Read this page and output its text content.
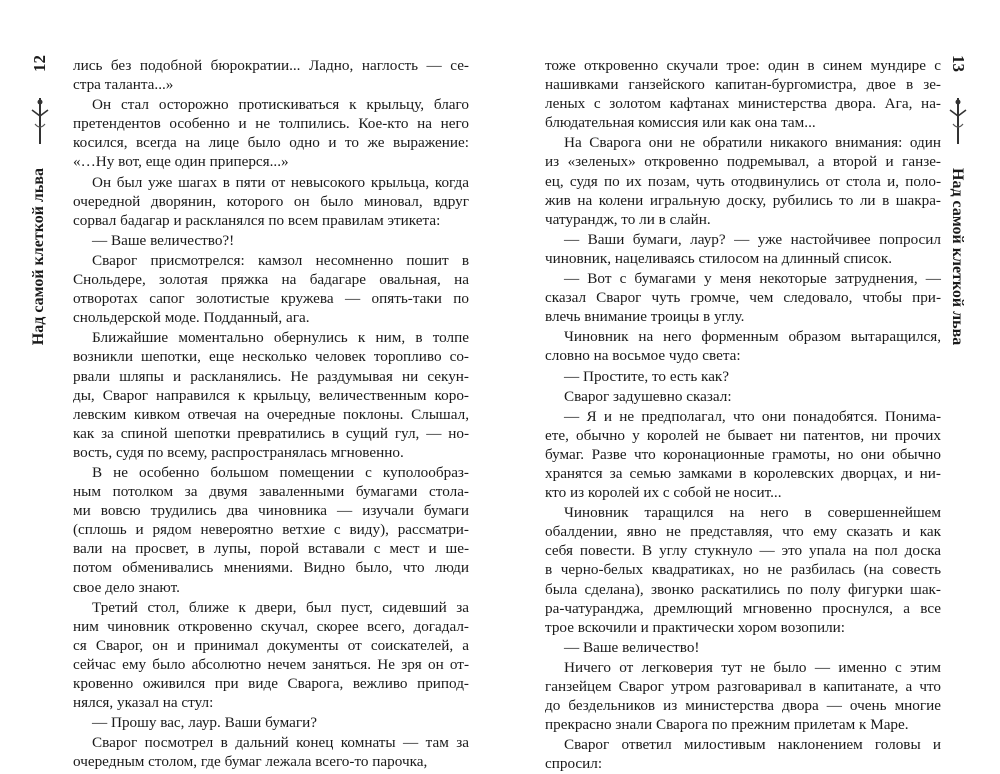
12
Над самой клеткой льва
лись без подобной бюрократии... Ладно, наглость — се-
стра таланта...»
Он стал осторожно протискиваться к крыльцу, благо
претендентов особенно и не толпились. Кое-кто на него
косился, всегда на лице было одно и то же выражение:
«…Ну вот, еще один приперся...»
Он был уже шагах в пяти от невысокого крыльца, когда
очередной дворянин, которого он было миновал, вдруг
сорвал бадагар и раскланялся по всем правилам этикета:
— Ваше величество?!
Сварог присмотрелся: камзол несомненно пошит в
Снольдере, золотая пряжка на бадагаре овальная, на
отворотах сапог золотистые кружева — опять-таки по
снольдерской моде. Подданный, ага.
Ближайшие моментально обернулись к ним, в толпе
возникли шепотки, еще несколько человек торопливо со-
рвали шляпы и раскланялись. Не раздумывая ни секун-
ды, Сварог направился к крыльцу, величественным коро-
левским кивком отвечая на очередные поклоны. Слышал,
как за спиной шепотки превратились в сущий гул, — но-
вость, судя по всему, распространялась мгновенно.
В не особенно большом помещении с куполообраз-
ным потолком за двумя заваленными бумагами стола-
ми вовсю трудились два чиновника — изучали бумаги
(сплошь и рядом невероятно ветхие с виду), рассматри-
вали на просвет, в лупы, порой вставали с мест и ше-
потом обменивались мнениями. Видно было, что люди
свое дело знают.
Третий стол, ближе к двери, был пуст, сидевший за
ним чиновник откровенно скучал, скорее всего, догадал-
ся Сварог, он и принимал документы от соискателей, а
сейчас ему было абсолютно нечем заняться. Не зря он от-
кровенно оживился при виде Сварога, вежливо припод-
нялся, указал на стул:
— Прошу вас, лаур. Ваши бумаги?
Сварог посмотрел в дальний конец комнаты — там за
очередным столом, где бумаг лежала всего-то парочка,
13
Над самой клеткой льва
тоже откровенно скучали трое: один в синем мундире с
нашивками ганзейского капитан-бургомистра, двое в зе-
леных с золотом кафтанах министерства двора. Ага, на-
блюдательная комиссия или как она там...
На Сварога они не обратили никакого внимания: один
из «зеленых» откровенно подремывал, а второй и ганзе-
ец, судя по их позам, чуть отодвинулись от стола и, поло-
жив на колени игральную доску, рубились то ли в шакра-
чатурандж, то ли в слайн.
— Ваши бумаги, лаур? — уже настойчивее попросил
чиновник, нацеливаясь стилосом на длинный список.
— Вот с бумагами у меня некоторые затруднения, —
сказал Сварог чуть громче, чем следовало, чтобы при-
влечь внимание троицы в углу.
Чиновник на него форменным образом вытаращился,
словно на восьмое чудо света:
— Простите, то есть как?
Сварог задушевно сказал:
— Я и не предполагал, что они понадобятся. Понима-
ете, обычно у королей не бывает ни патентов, ни прочих
бумаг. Разве что коронационные грамоты, но они обычно
хранятся за семью замками в королевских дворцах, и ни-
кто из королей их с собой не носит...
Чиновник таращился на него в совершеннейшем
обалдении, явно не представляя, что ему сказать и как
себя повести. В углу стукнуло — это упала на пол доска
в черно-белых квадратиках, но не разбилась (на совесть
была сделана), звонко раскатились по полу фигурки шак-
ра-чатуранджа, дремлющий мгновенно проснулся, а все
трое вскочили и практически хором возопили:
— Ваше величество!
Ничего от легковерия тут не было — именно с этим
ганзейцем Сварог утром разговаривал в капитанате, а что
до бездельников из министерства двора — очень многие
прекрасно знали Сварога по прежним прилетам к Маре.
Сварог ответил милостивым наклонением головы и
спросил:
